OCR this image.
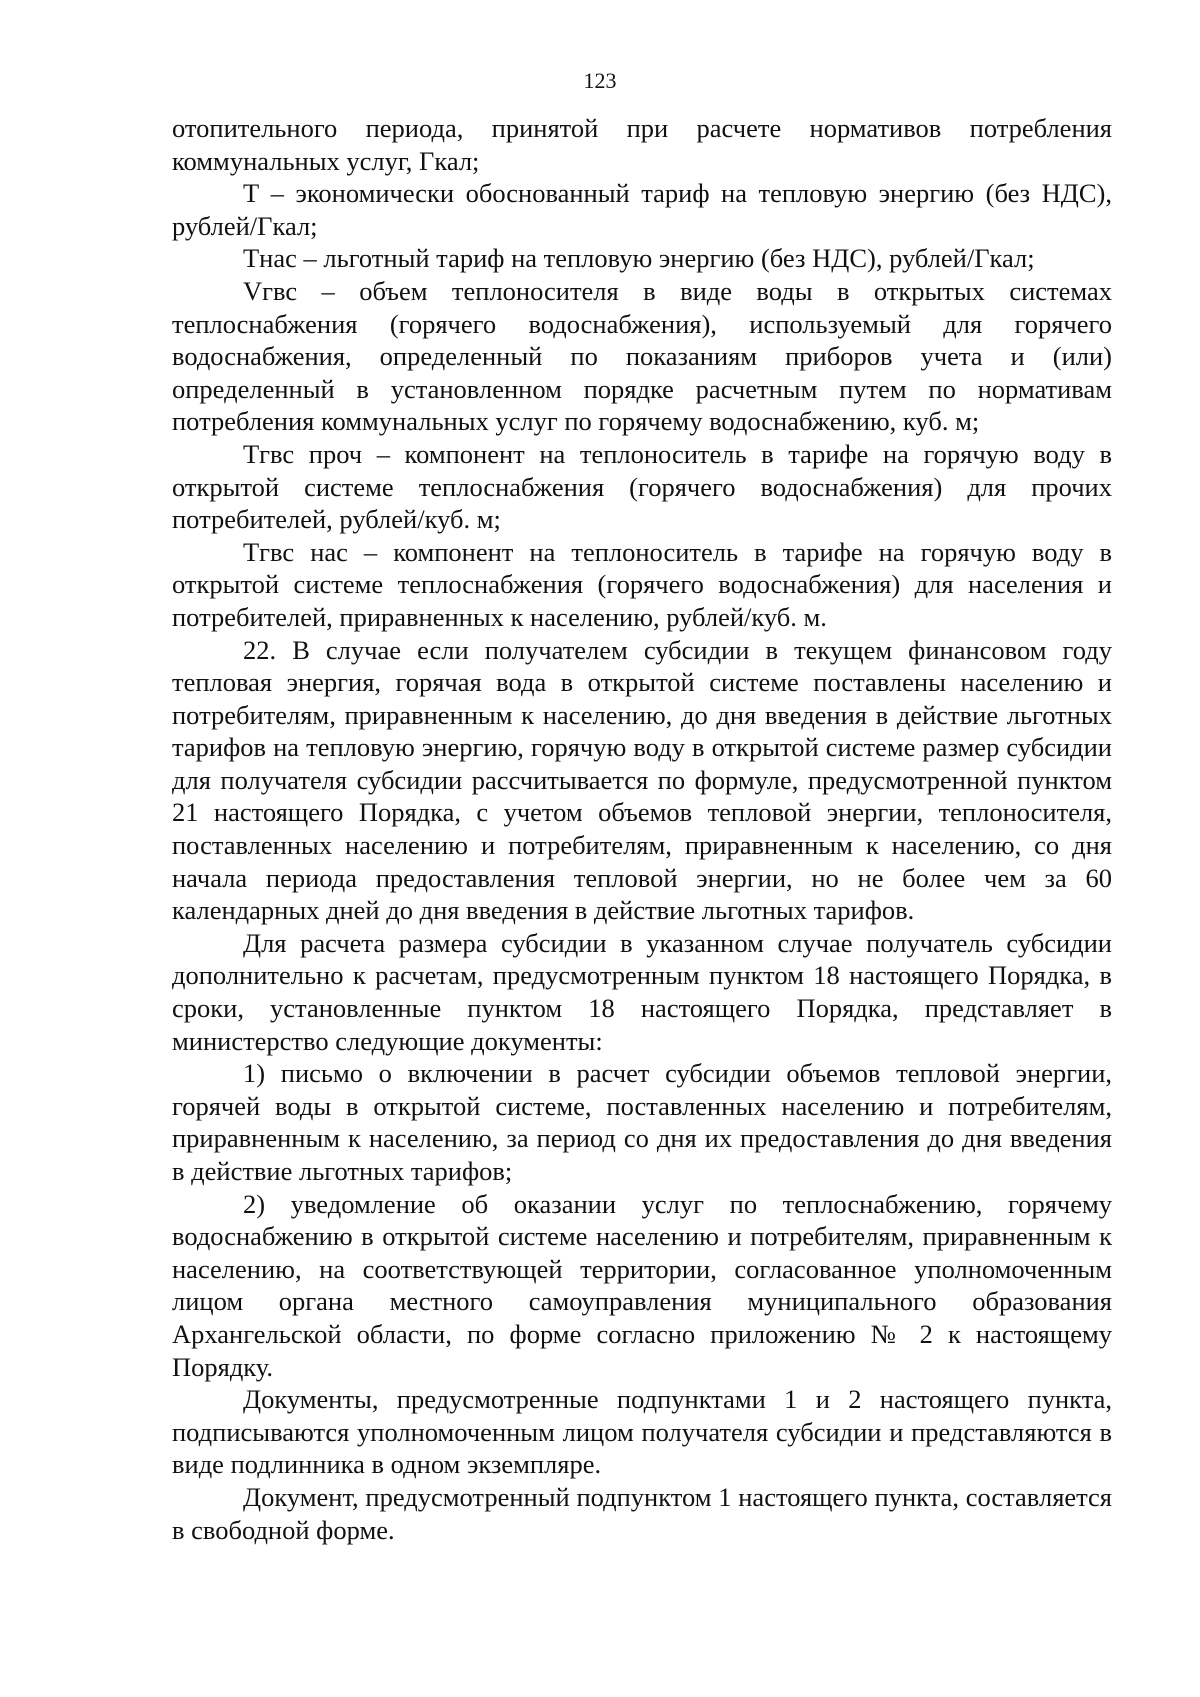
123

отопительного периода, принятой при расчете нормативов потребления коммунальных услуг, Гкал;

Т – экономически обоснованный тариф на тепловую энергию (без НДС), рублей/Гкал;

Тнас – льготный тариф на тепловую энергию (без НДС), рублей/Гкал;

Vгвс – объем теплоносителя в виде воды в открытых системах теплоснабжения (горячего водоснабжения), используемый для горячего водоснабжения, определенный по показаниям приборов учета и (или) определенный в установленном порядке расчетным путем по нормативам потребления коммунальных услуг по горячему водоснабжению, куб. м;

Тгвс проч – компонент на теплоноситель в тарифе на горячую воду в открытой системе теплоснабжения (горячего водоснабжения) для прочих потребителей, рублей/куб. м;

Тгвс нас – компонент на теплоноситель в тарифе на горячую воду в открытой системе теплоснабжения (горячего водоснабжения) для населения и потребителей, приравненных к населению, рублей/куб. м.

22. В случае если получателем субсидии в текущем финансовом году тепловая энергия, горячая вода в открытой системе поставлены населению и потребителям, приравненным к населению, до дня введения в действие льготных тарифов на тепловую энергию, горячую воду в открытой системе размер субсидии для получателя субсидии рассчитывается по формуле, предусмотренной пунктом 21 настоящего Порядка, с учетом объемов тепловой энергии, теплоносителя, поставленных населению и потребителям, приравненным к населению, со дня начала периода предоставления тепловой энергии, но не более чем за 60 календарных дней до дня введения в действие льготных тарифов.

Для расчета размера субсидии в указанном случае получатель субсидии дополнительно к расчетам, предусмотренным пунктом 18 настоящего Порядка, в сроки, установленные пунктом 18 настоящего Порядка, представляет в министерство следующие документы:

1) письмо о включении в расчет субсидии объемов тепловой энергии, горячей воды в открытой системе, поставленных населению и потребителям, приравненным к населению, за период со дня их предоставления до дня введения в действие льготных тарифов;

2) уведомление об оказании услуг по теплоснабжению, горячему водоснабжению в открытой системе населению и потребителям, приравненным к населению, на соответствующей территории, согласованное уполномоченным лицом органа местного самоуправления муниципального образования Архангельской области, по форме согласно приложению № 2 к настоящему Порядку.

Документы, предусмотренные подпунктами 1 и 2 настоящего пункта, подписываются уполномоченным лицом получателя субсидии и представляются в виде подлинника в одном экземпляре.

Документ, предусмотренный подпунктом 1 настоящего пункта, составляется в свободной форме.
